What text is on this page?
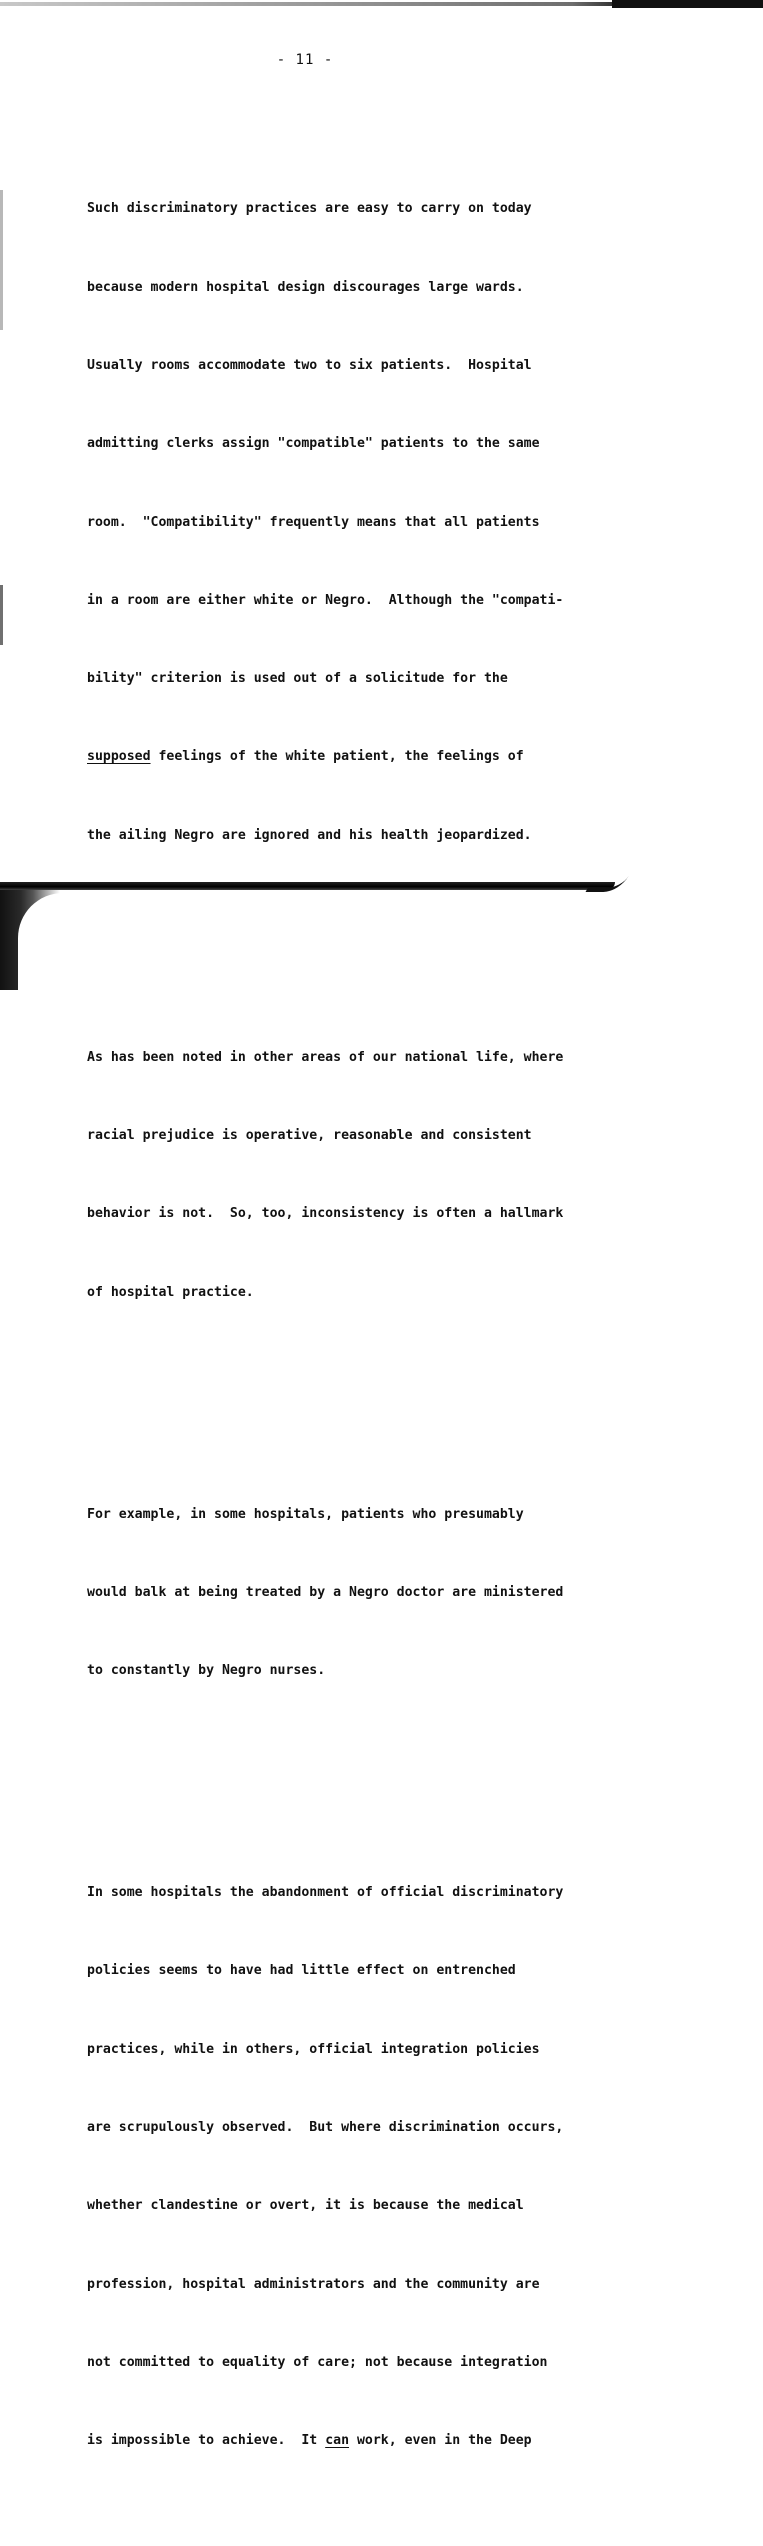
- 11 -

Such discriminatory practices are easy to carry on today

because modern hospital design discourages large wards.

Usually rooms accommodate two to six patients.  Hospital

admitting clerks assign "compatible" patients to the same

room.  "Compatibility" frequently means that all patients

in a room are either white or Negro.  Although the "compati-

bility" criterion is used out of a solicitude for the

supposed feelings of the white patient, the feelings of

the ailing Negro are ignored and his health jeopardized.

As has been noted in other areas of our national life, where

racial prejudice is operative, reasonable and consistent

behavior is not.  So, too, inconsistency is often a hallmark

of hospital practice.

For example, in some hospitals, patients who presumably

would balk at being treated by a Negro doctor are ministered

to constantly by Negro nurses.

In some hospitals the abandonment of official discriminatory

policies seems to have had little effect on entrenched

practices, while in others, official integration policies

are scrupulously observed.  But where discrimination occurs,

whether clandestine or overt, it is because the medical

profession, hospital administrators and the community are

not committed to equality of care; not because integration

is impossible to achieve.  It can work, even in the Deep
